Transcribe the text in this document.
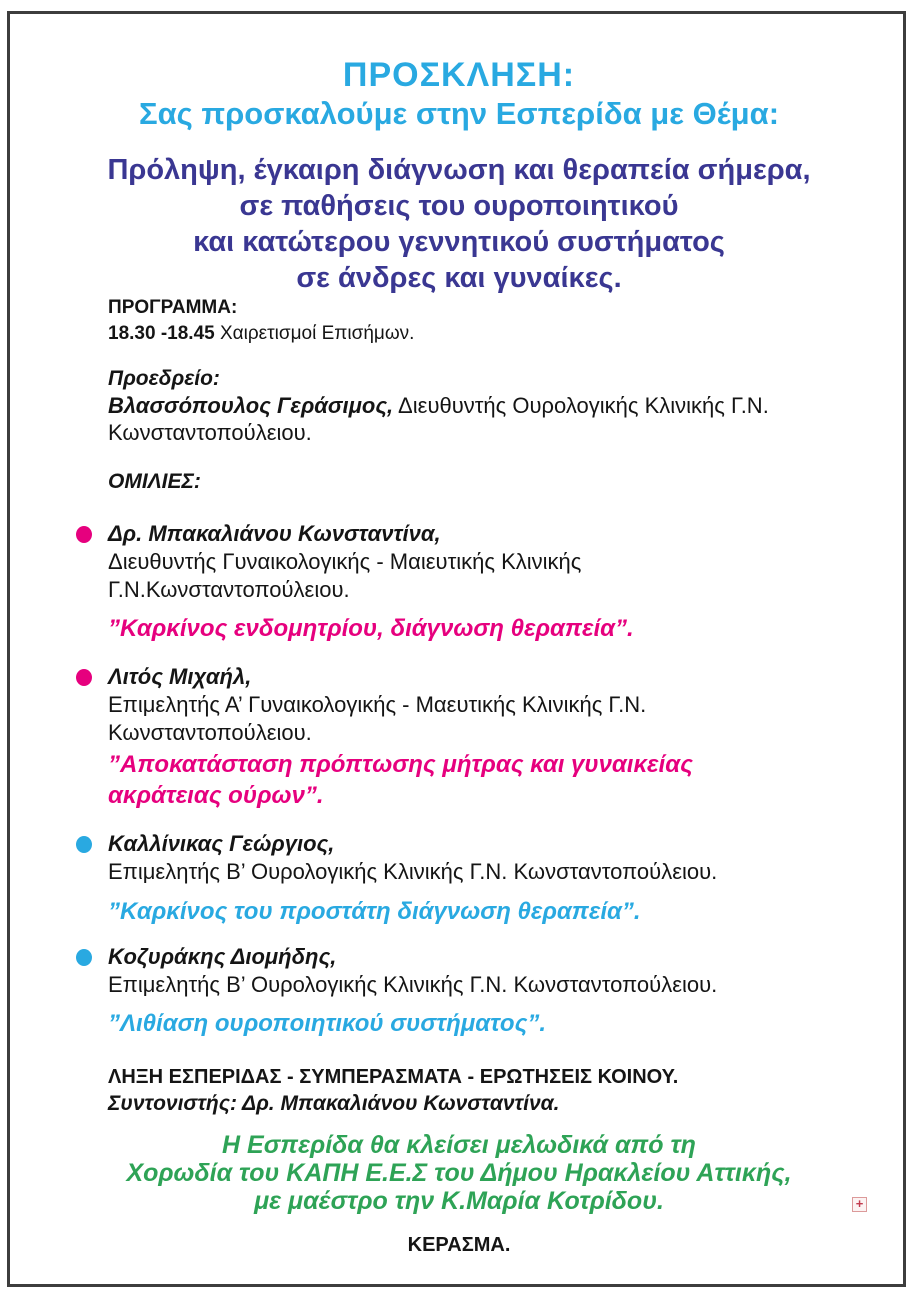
ΠΡΟΣΚΛΗΣΗ:
Σας προσκαλούμε στην Εσπερίδα με Θέμα:
Πρόληψη, έγκαιρη διάγνωση και θεραπεία σήμερα,
σε παθήσεις του ουροποιητικού
και κατώτερου γεννητικού συστήματος
σε άνδρες και γυναίκες.
ΠΡΟΓΡΑΜΜΑ:
18.30 -18.45 Χαιρετισμοί Επισήμων.
Προεδρείο:
Βλασσόπουλος Γεράσιμος, Διευθυντής Ουρολογικής Κλινικής Γ.Ν.
Κωνσταντοπούλειου.
ΟΜΙΛΙΕΣ:
Δρ. Μπακαλιάνου Κωνσταντίνα,
Διευθυντής Γυναικολογικής - Μαιευτικής Κλινικής
Γ.Ν.Κωνσταντοπούλειου.
”Καρκίνος ενδομητρίου, διάγνωση θεραπεία”.
Λιτός Μιχαήλ,
Επιμελητής Α’ Γυναικολογικής - Μαευτικής Κλινικής Γ.Ν.
Κωνσταντοπούλειου.
”Αποκατάσταση πρόπτωσης μήτρας και γυναικείας
ακράτειας ούρων”.
Καλλίνικας Γεώργιος,
Επιμελητής Β’ Ουρολογικής Κλινικής Γ.Ν. Κωνσταντοπούλειου.
”Καρκίνος του προστάτη διάγνωση θεραπεία”.
Κοζυράκης Διομήδης,
Επιμελητής Β’ Ουρολογικής Κλινικής Γ.Ν. Κωνσταντοπούλειου.
”Λιθίαση ουροποιητικού συστήματος”.
ΛΗΞΗ ΕΣΠΕΡΙΔΑΣ - ΣΥΜΠΕΡΑΣΜΑΤΑ - ΕΡΩΤΗΣΕΙΣ ΚΟΙΝΟΥ.
Συντονιστής: Δρ. Μπακαλιάνου Κωνσταντίνα.
Η Εσπερίδα θα κλείσει μελωδικά από τη
Χορωδία του ΚΑΠΗ Ε.Ε.Σ του Δήμου Ηρακλείου Αττικής,
με μαέστρο την Κ.Μαρία Κοτρίδου.
ΚΕΡΑΣΜΑ.
+
